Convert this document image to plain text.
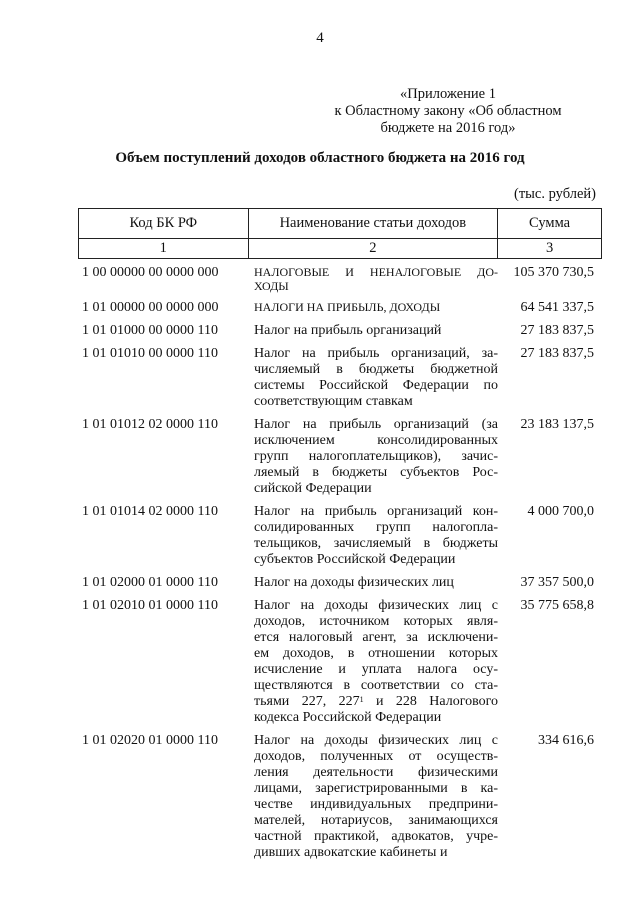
4
«Приложение 1
к Областному закону «Об областном
бюджете на 2016 год»
Объем поступлений доходов областного бюджета на 2016 год
(тыс. рублей)
Код БК РФ	Наименование статьи доходов	Сумма
1	2	3
1 00 00000 00 0000 000	НАЛОГОВЫЕ И НЕНАЛОГОВЫЕ ДО-
ХОДЫ
105 370 730,5
1 01 00000 00 0000 000	НАЛОГИ НА ПРИБЫЛЬ, ДОХОДЫ	64 541 337,5
1 01 01000 00 0000 110	Налог на прибыль организаций	27 183 837,5
1 01 01010 00 0000 110	Налог на прибыль организаций, за-
числяемый в бюджеты бюджетной
системы Российской Федерации по
соответствующим ставкам
27 183 837,5
1 01 01012 02 0000 110	Налог на прибыль организаций (за
исключением консолидированных
групп налогоплательщиков), зачис-
ляемый в бюджеты субъектов Рос-
сийской Федерации
23 183 137,5
1 01 01014 02 0000 110	Налог на прибыль организаций кон-
солидированных групп налогопла-
тельщиков, зачисляемый в бюджеты
субъектов Российской Федерации
4 000 700,0
1 01 02000 01 0000 110	Налог на доходы физических лиц	37 357 500,0
1 01 02010 01 0000 110	Налог на доходы физических лиц с
доходов, источником которых явля-
ется налоговый агент, за исключени-
ем доходов, в отношении которых
исчисление и уплата налога осу-
ществляются в соответствии со ста-
тьями 227, $227^1$ и 228 Налогового
кодекса Российской Федерации
35 775 658,8
1 01 02020 01 0000 110	Налог на доходы физических лиц с
доходов, полученных от осуществ-
ления деятельности физическими
лицами, зарегистрированными в ка-
честве индивидуальных предприни-
мателей, нотариусов, занимающихся
частной практикой, адвокатов, учре-
дивших адвокатские кабинеты и
334 616,6
